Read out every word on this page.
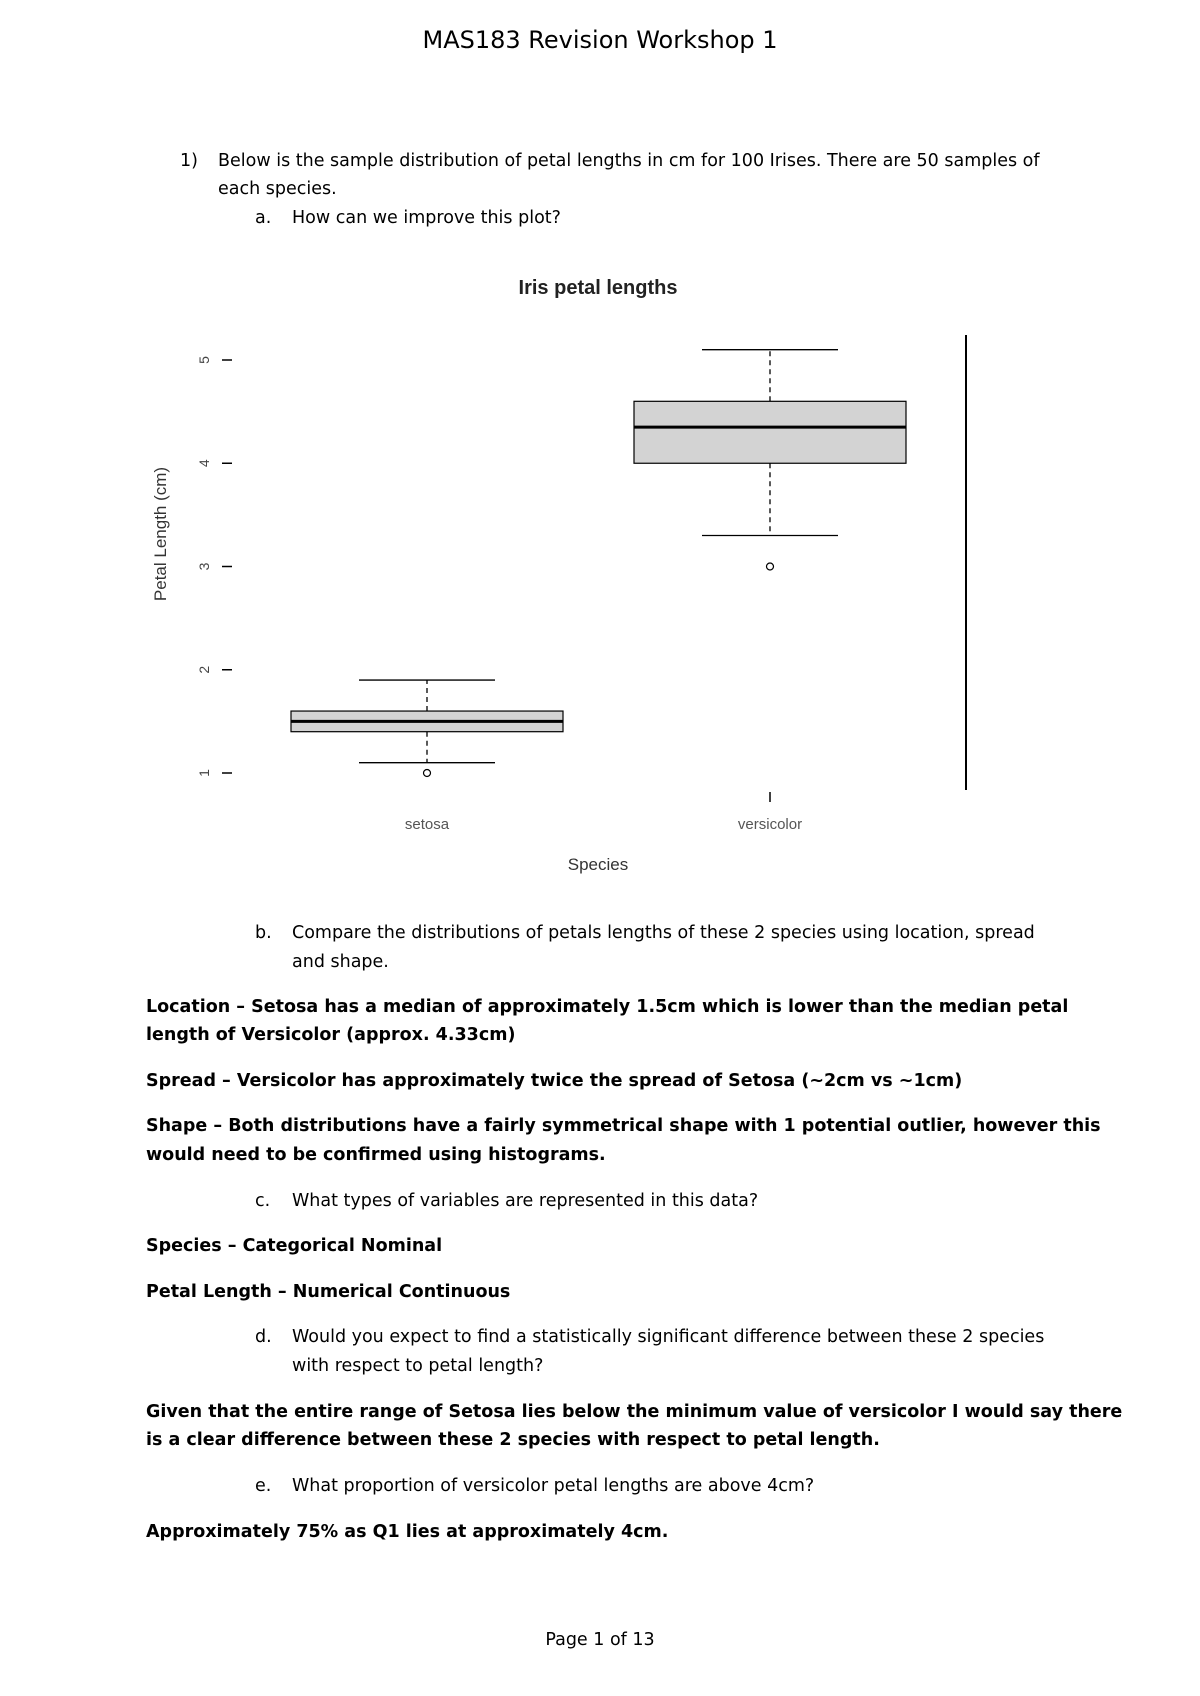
MAS183 Revision Workshop 1
1) Below is the sample distribution of petal lengths in cm for 100 Irises. There are 50 samples of
each species.
a. How can we improve this plot?
Iris petal lengths
1
2
3
4
5
Petal Length (cm)
setosa	versicolor
Species
b. Compare the distributions of petals lengths of these 2 species using location, spread
and shape.
Location – Setosa has a median of approximately 1.5cm which is lower than the median petal
length of Versicolor (approx. 4.33cm)
Spread – Versicolor has approximately twice the spread of Setosa (~2cm vs ~1cm)
Shape – Both distributions have a fairly symmetrical shape with 1 potential outlier, however this
would need to be confirmed using histograms.
c. What types of variables are represented in this data?
Species – Categorical Nominal
Petal Length – Numerical Continuous
d. Would you expect to find a statistically significant difference between these 2 species
with respect to petal length?
Given that the entire range of Setosa lies below the minimum value of versicolor I would say there
is a clear difference between these 2 species with respect to petal length.
e. What proportion of versicolor petal lengths are above 4cm?
Approximately 75% as Q1 lies at approximately 4cm.
Page 1 of 13
